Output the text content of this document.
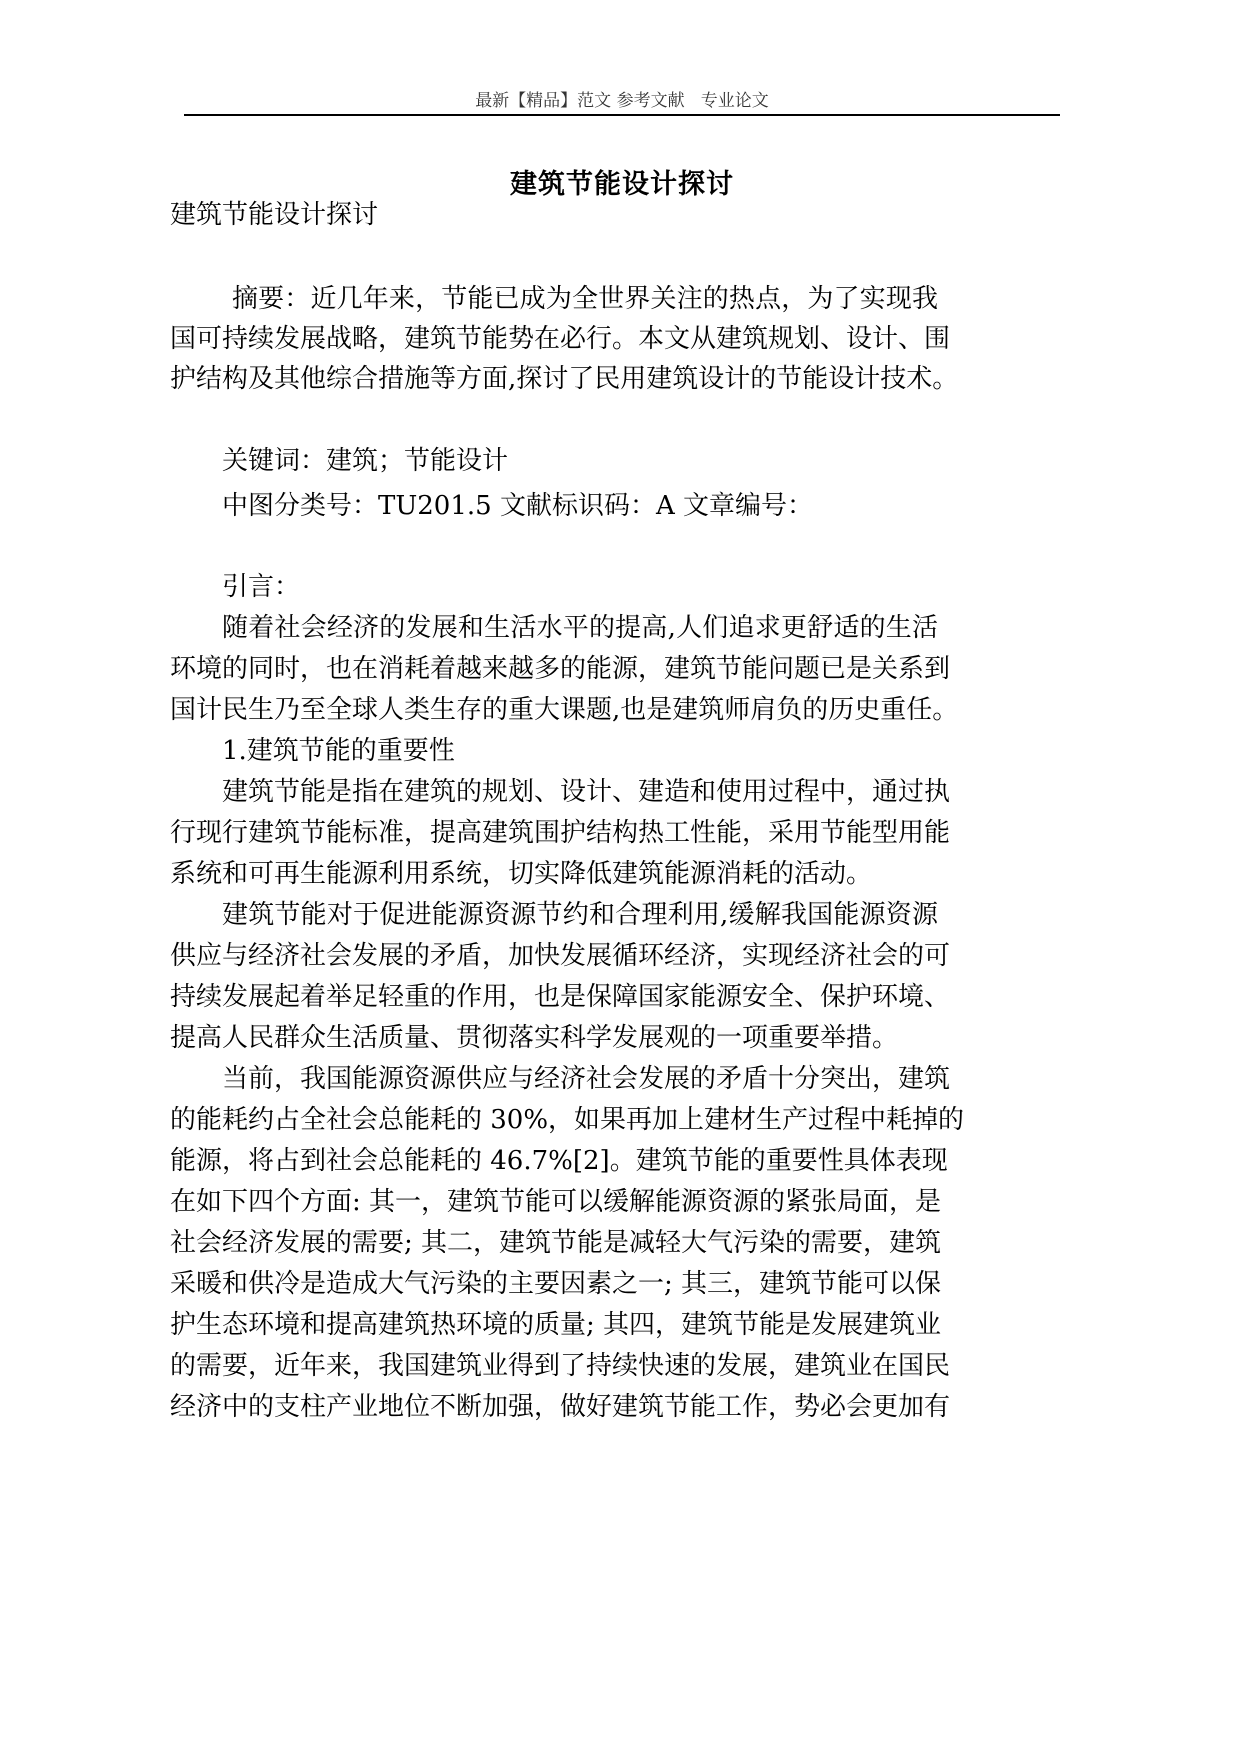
最新【精品】范文 参考文献   专业论文
建筑节能设计探讨
建筑节能设计探讨
摘要：近几年来，节能已成为全世界关注的热点，为了实现我
国可持续发展战略，建筑节能势在必行。本文从建筑规划、设计、围
护结构及其他综合措施等方面,探讨了民用建筑设计的节能设计技术。
关键词：建筑；节能设计
中图分类号：TU201.5 文献标识码：A 文章编号：
引言：
随着社会经济的发展和生活水平的提高,人们追求更舒适的生活
环境的同时，也在消耗着越来越多的能源，建筑节能问题已是关系到
国计民生乃至全球人类生存的重大课题,也是建筑师肩负的历史重任。
1.建筑节能的重要性
建筑节能是指在建筑的规划、设计、建造和使用过程中，通过执
行现行建筑节能标准，提高建筑围护结构热工性能，采用节能型用能
系统和可再生能源利用系统，切实降低建筑能源消耗的活动。
建筑节能对于促进能源资源节约和合理利用,缓解我国能源资源
供应与经济社会发展的矛盾，加快发展循环经济，实现经济社会的可
持续发展起着举足轻重的作用，也是保障国家能源安全、保护环境、
提高人民群众生活质量、贯彻落实科学发展观的一项重要举措。
当前，我国能源资源供应与经济社会发展的矛盾十分突出，建筑
的能耗约占全社会总能耗的 30%，如果再加上建材生产过程中耗掉的
能源，将占到社会总能耗的 46.7%[2]。建筑节能的重要性具体表现
在如下四个方面: 其一，建筑节能可以缓解能源资源的紧张局面，是
社会经济发展的需要; 其二，建筑节能是减轻大气污染的需要，建筑
采暖和供冷是造成大气污染的主要因素之一; 其三，建筑节能可以保
护生态环境和提高建筑热环境的质量; 其四，建筑节能是发展建筑业
的需要，近年来，我国建筑业得到了持续快速的发展，建筑业在国民
经济中的支柱产业地位不断加强，做好建筑节能工作，势必会更加有
